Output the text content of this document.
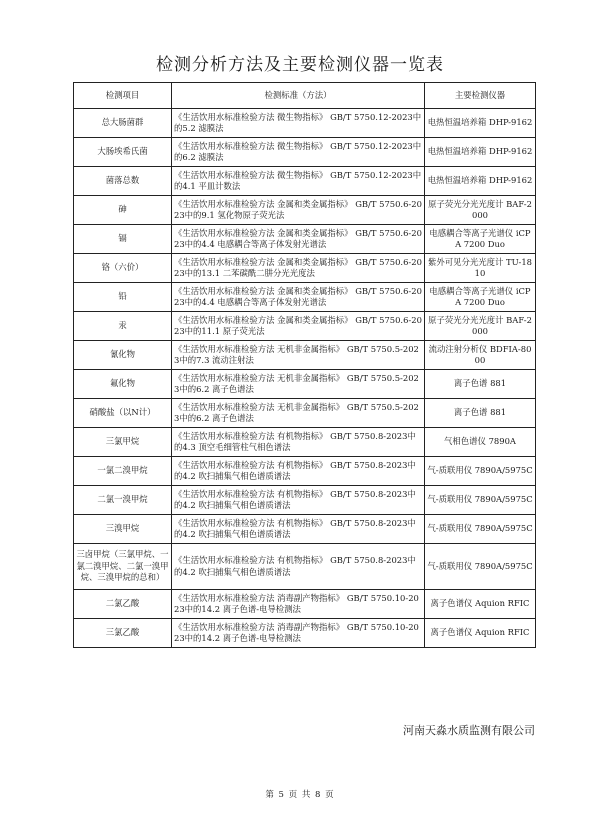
检测分析方法及主要检测仪器一览表
检测项目	检测标准（方法）	主要检测仪器
总大肠菌群	《生活饮用水标准检验方法 微生物指标》 GB/T 5750.12-2023中的5.2 滤膜法	电热恒温培养箱 DHP-9162
大肠埃希氏菌	《生活饮用水标准检验方法 微生物指标》 GB/T 5750.12-2023中的6.2 滤膜法	电热恒温培养箱 DHP-9162
菌落总数	《生活饮用水标准检验方法 微生物指标》 GB/T 5750.12-2023中的4.1 平皿计数法	电热恒温培养箱 DHP-9162
砷	《生活饮用水标准检验方法 金属和类金属指标》 GB/T 5750.6-2023中的9.1 氢化物原子荧光法	原子荧光分光光度计 BAF-2000
镉	《生活饮用水标准检验方法 金属和类金属指标》 GB/T 5750.6-2023中的4.4 电感耦合等离子体发射光谱法	电感耦合等离子光谱仪 iCPA 7200 Duo
铬（六价）	《生活饮用水标准检验方法 金属和类金属指标》 GB/T 5750.6-2023中的13.1 二苯碳酰二肼分光光度法	紫外可见分光光度计 TU-1810
铅	《生活饮用水标准检验方法 金属和类金属指标》 GB/T 5750.6-2023中的4.4 电感耦合等离子体发射光谱法	电感耦合等离子光谱仪 iCPA 7200 Duo
汞	《生活饮用水标准检验方法 金属和类金属指标》 GB/T 5750.6-2023中的11.1 原子荧光法	原子荧光分光光度计 BAF-2000
氰化物	《生活饮用水标准检验方法 无机非金属指标》 GB/T 5750.5-2023中的7.3 流动注射法	流动注射分析仪 BDFIA-8000
氟化物	《生活饮用水标准检验方法 无机非金属指标》 GB/T 5750.5-2023中的6.2 离子色谱法	离子色谱 881
硝酸盐（以N计）	《生活饮用水标准检验方法 无机非金属指标》 GB/T 5750.5-2023中的6.2 离子色谱法	离子色谱 881
三氯甲烷	《生活饮用水标准检验方法 有机物指标》 GB/T 5750.8-2023中的4.3 顶空毛细管柱气相色谱法	气相色谱仪 7890A
一氯二溴甲烷	《生活饮用水标准检验方法 有机物指标》 GB/T 5750.8-2023中的4.2 吹扫捕集气相色谱质谱法	气-质联用仪 7890A/5975C
二氯一溴甲烷	《生活饮用水标准检验方法 有机物指标》 GB/T 5750.8-2023中的4.2 吹扫捕集气相色谱质谱法	气-质联用仪 7890A/5975C
三溴甲烷	《生活饮用水标准检验方法 有机物指标》 GB/T 5750.8-2023中的4.2 吹扫捕集气相色谱质谱法	气-质联用仪 7890A/5975C
三卤甲烷（三氯甲烷、一氯二溴甲烷、二氯一溴甲烷、三溴甲烷的总和）	《生活饮用水标准检验方法 有机物指标》 GB/T 5750.8-2023中的4.2 吹扫捕集气相色谱质谱法	气-质联用仪 7890A/5975C
二氯乙酸	《生活饮用水标准检验方法 消毒副产物指标》 GB/T 5750.10-2023中的14.2 离子色谱-电导检测法	离子色谱仪 Aquion RFIC
三氯乙酸	《生活饮用水标准检验方法 消毒副产物指标》 GB/T 5750.10-2023中的14.2 离子色谱-电导检测法	离子色谱仪 Aquion RFIC
河南天淼水质监测有限公司
第 5 页 共 8 页
